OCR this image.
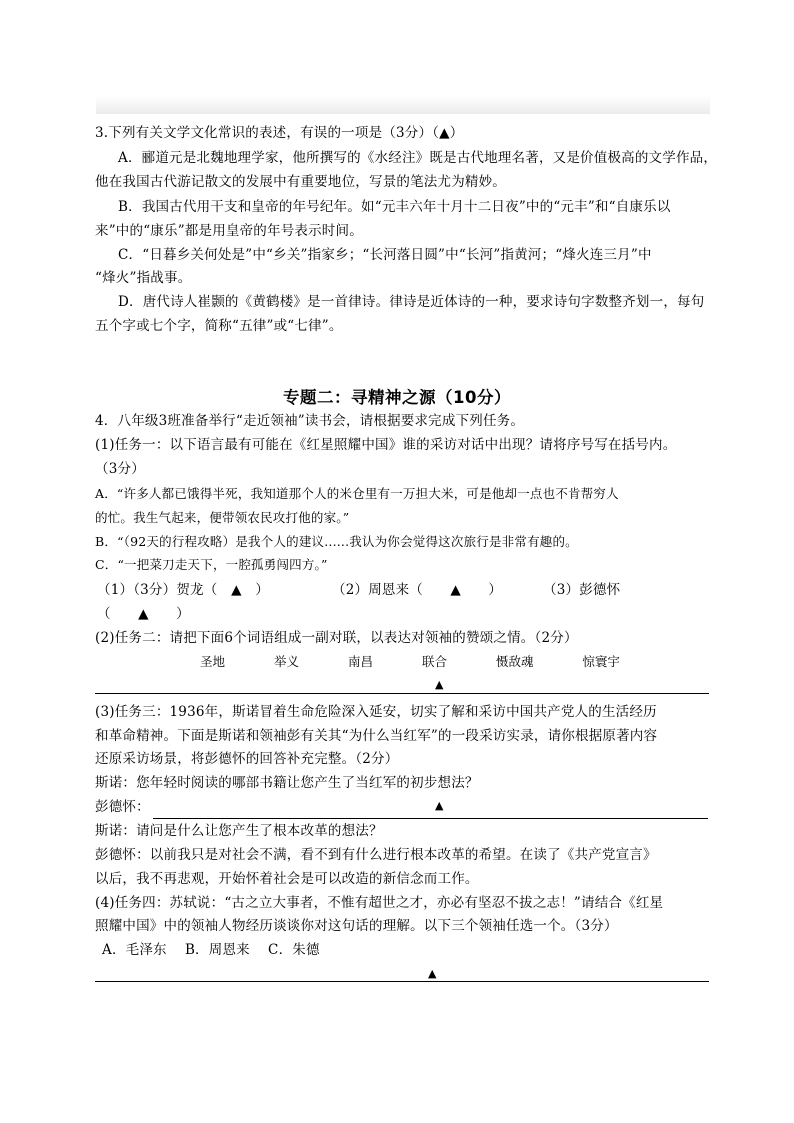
3.下列有关文学文化常识的表述，有误的一项是（3分）（▲）
A．郦道元是北魏地理学家，他所撰写的《水经注》既是古代地理名著，又是价值极高的文学作品，
他在我国古代游记散文的发展中有重要地位，写景的笔法尤为精妙。
B．我国古代用干支和皇帝的年号纪年。如“元丰六年十月十二日夜”中的“元丰”和“自康乐以
来”中的“康乐”都是用皇帝的年号表示时间。
C．“日暮乡关何处是”中“乡关”指家乡；“长河落日圆”中“长河”指黄河；“烽火连三月”中
“烽火”指战事。
D．唐代诗人崔颢的《黄鹤楼》是一首律诗。律诗是近体诗的一种，要求诗句字数整齐划一，每句
五个字或七个字，简称“五律”或“七律”。
专题二：寻精神之源（10分）
4．八年级3班准备举行“走近领袖”读书会，请根据要求完成下列任务。
(1)任务一：以下语言最有可能在《红星照耀中国》谁的采访对话中出现？请将序号写在括号内。
（3分）
A．“许多人都已饿得半死，我知道那个人的米仓里有一万担大米，可是他却一点也不肯帮穷人
的忙。我生气起来，便带领农民攻打他的家。”
B．“（92天的行程攻略）是我个人的建议......我认为你会觉得这次旅行是非常有趣的。
C．“一把菜刀走天下，一腔孤勇闯四方。”
（1）（3分）贺龙（　▲　）	（2）周恩来（　　▲　　）	（3）彭德怀
（　　▲　　）
(2)任务二：请把下面6个词语组成一副对联，以表达对领袖的赞颂之情。（2分）
圣地	举义	南昌	联合	慑敌魂	惊寰宇
▲
(3)任务三：1936年，斯诺冒着生命危险深入延安，切实了解和采访中国共产党人的生活经历
和革命精神。下面是斯诺和领袖彭有关其“为什么当红军”的一段采访实录，请你根据原著内容
还原采访场景，将彭德怀的回答补充完整。（2分）
斯诺：您年轻时阅读的哪部书籍让您产生了当红军的初步想法？
彭德怀：	▲
斯诺：请问是什么让您产生了根本改革的想法？
彭德怀：以前我只是对社会不满，看不到有什么进行根本改革的希望。在读了《共产党宣言》
以后，我不再悲观，开始怀着社会是可以改造的新信念而工作。
(4)任务四：苏轼说：“古之立大事者，不惟有超世之才，亦必有坚忍不拔之志！”请结合《红星
照耀中国》中的领袖人物经历谈谈你对这句话的理解。以下三个领袖任选一个。（3分）
A．毛泽东　 B．周恩来　 C．朱德
▲
